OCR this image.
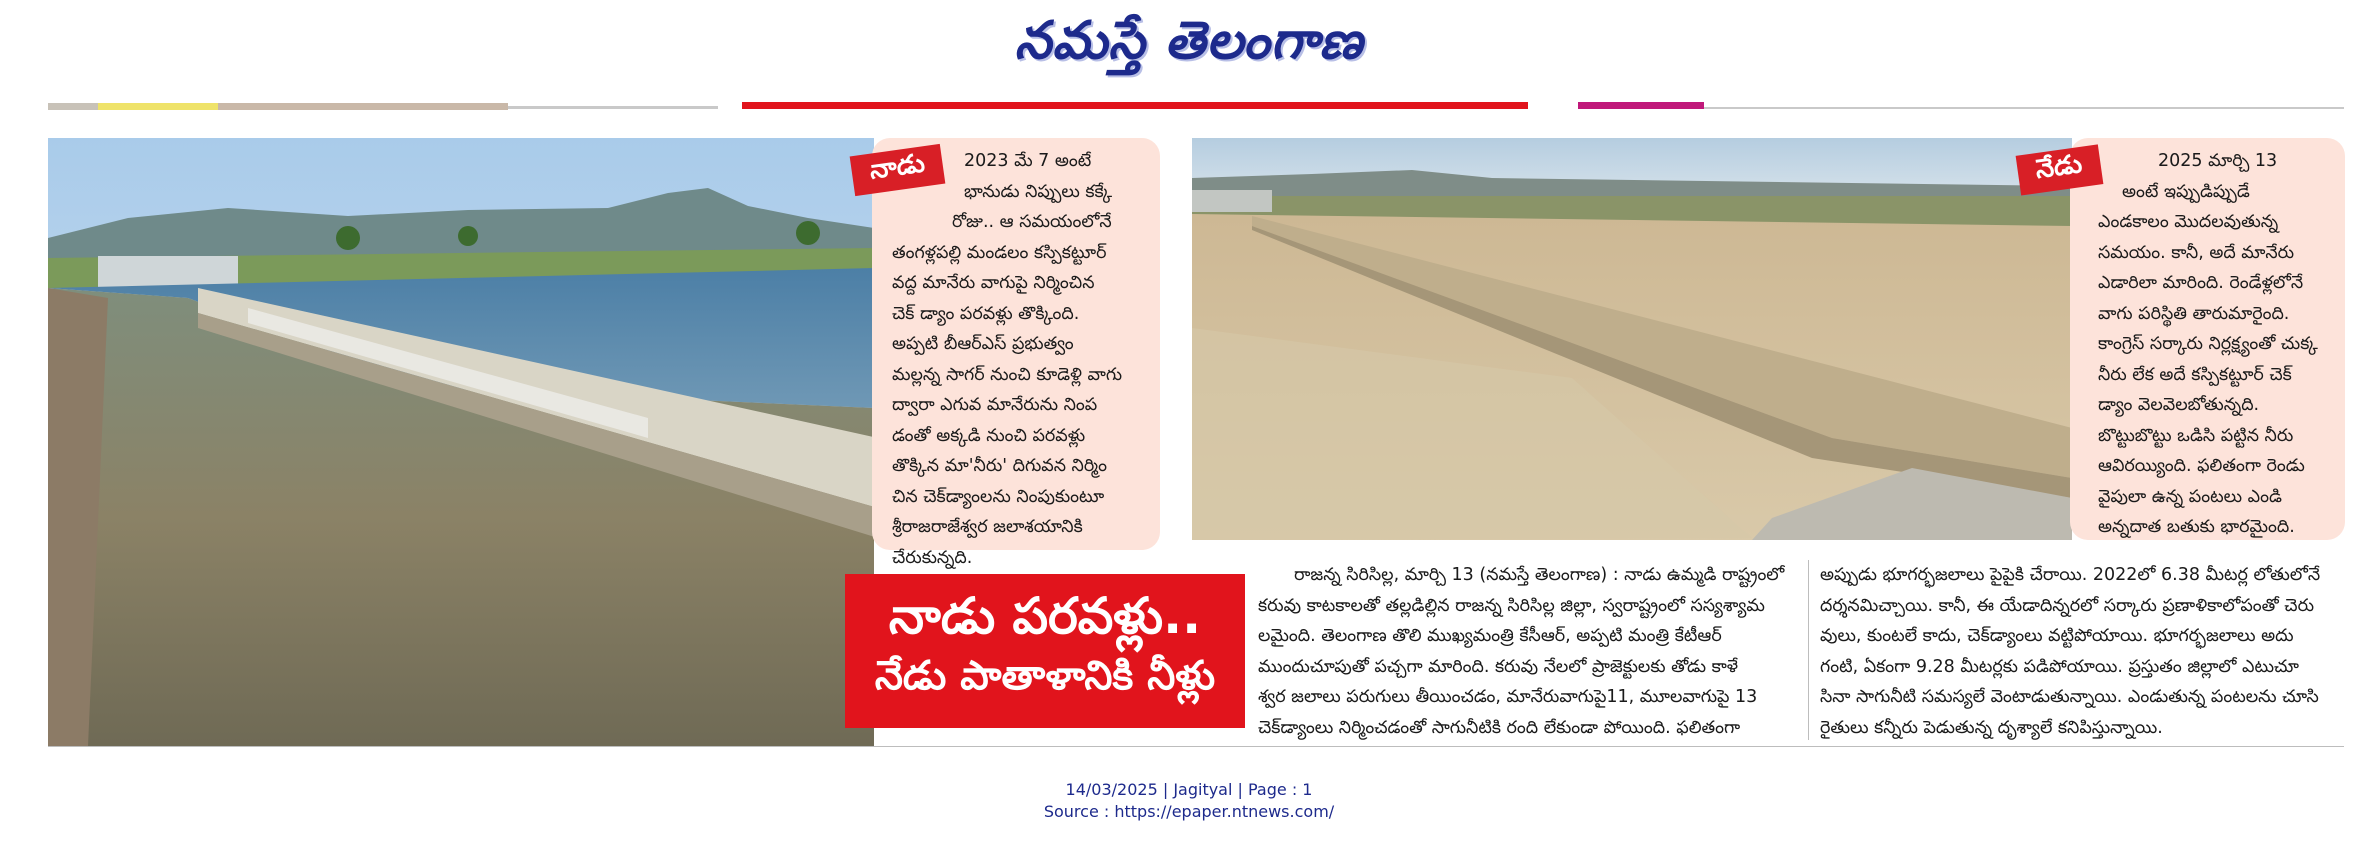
నమస్తే తెలంగాణ
నాడు	2023 మే 7 అంటే
భానుడు నిప్పులు కక్కే
రోజు.. ఆ సమయంలోనే
తంగళ్లపల్లి మండలం కస్పికట్టూర్
వద్ద మానేరు వాగుపై నిర్మించిన
చెక్ డ్యాం పరవళ్లు తొక్కింది.
అప్పటి బీఆర్ఎస్ ప్రభుత్వం
మల్లన్న సాగర్ నుంచి కూడెళ్లి వాగు
ద్వారా ఎగువ మానేరును నింప
డంతో అక్కడి నుంచి పరవళ్లు
తొక్కిన మా'నీరు' దిగువన నిర్మిం
చిన చెక్‌డ్యాంలను నింపుకుంటూ
శ్రీరాజరాజేశ్వర జలాశయానికి
చేరుకున్నది.
నేడు	2025 మార్చి 13
అంటే ఇప్పుడిప్పుడే
ఎండకాలం మొదలవుతున్న
సమయం. కానీ, అదే మానేరు
ఎడారిలా మారింది. రెండేళ్లలోనే
వాగు పరిస్థితి తారుమారైంది.
కాంగ్రెస్ సర్కారు నిర్లక్ష్యంతో చుక్క
నీరు లేక అదే కస్పికట్టూర్ చెక్
డ్యాం వెలవెలబోతున్నది.
బొట్టుబొట్టు ఒడిసి పట్టిన నీరు
ఆవిరయ్యింది. ఫలితంగా రెండు
వైపులా ఉన్న పంటలు ఎండి
అన్నదాత బతుకు భారమైంది.
నాడు పరవళ్లు..
నేడు పాతాళానికి నీళ్లు
రాజన్న సిరిసిల్ల, మార్చి 13 (నమస్తే తెలంగాణ) : నాడు ఉమ్మడి రాష్ట్రంలో
కరువు కాటకాలతో తల్లడిల్లిన రాజన్న సిరిసిల్ల జిల్లా, స్వరాష్ట్రంలో సస్యశ్యామ
లమైంది. తెలంగాణ తొలి ముఖ్యమంత్రి కేసీఆర్, అప్పటి మంత్రి కేటీఆర్
ముందుచూపుతో పచ్చగా మారింది. కరువు నేలలో ప్రాజెక్టులకు తోడు కాళే
శ్వర జలాలు పరుగులు తీయించడం, మానేరువాగుపై11, మూలవాగుపై 13
చెక్‌డ్యాంలు నిర్మించడంతో సాగునీటికి రంది లేకుండా పోయింది. ఫలితంగా
అప్పుడు భూగర్భజలాలు పైపైకి చేరాయి. 2022లో 6.38 మీటర్ల లోతులోనే
దర్శనమిచ్చాయి. కానీ, ఈ యేడాదిన్నరలో సర్కారు ప్రణాళికాలోపంతో చెరు
వులు, కుంటలే కాదు, చెక్‌డ్యాంలు వట్టిపోయాయి. భూగర్భజలాలు అదు
గంటి, ఏకంగా 9.28 మీటర్లకు పడిపోయాయి. ప్రస్తుతం జిల్లాలో ఎటుచూ
సినా సాగునీటి సమస్యలే వెంటాడుతున్నాయి. ఎండుతున్న పంటలను చూసి
రైతులు కన్నీరు పెడుతున్న దృశ్యాలే కనిపిస్తున్నాయి.
14/03/2025 | Jagityal | Page : 1
Source : https://epaper.ntnews.com/
